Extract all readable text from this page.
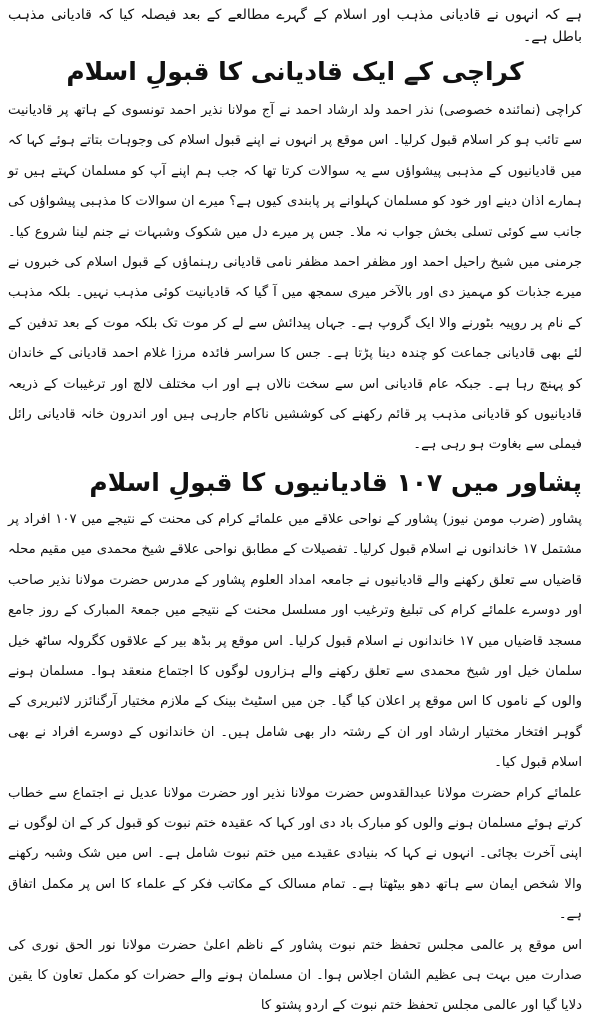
ہے کہ انہوں نے قادیانی مذہب اور اسلام کے گہرے مطالعے کے بعد فیصلہ کیا کہ قادیانی مذہب باطل ہے۔

کراچی کے ایک قادیانی کا قبولِ اسلام

کراچی (نمائندہ خصوصی) نذر احمد ولد ارشاد احمد نے آج مولانا نذیر احمد تونسوی کے ہاتھ پر قادیانیت سے تائب ہو کر اسلام قبول کرلیا۔ اس موقع پر انہوں نے اپنے قبول اسلام کی وجوہات بتاتے ہوئے کہا کہ میں قادیانیوں کے مذہبی پیشواؤں سے یہ سوالات کرتا تھا کہ جب ہم اپنے آپ کو مسلمان کہتے ہیں تو ہمارے اذان دینے اور خود کو مسلمان کہلوانے پر پابندی کیوں ہے؟ میرے ان سوالات کا مذہبی پیشواؤں کی جانب سے کوئی تسلی بخش جواب نہ ملا۔ جس پر میرے دل میں شکوک وشبہات نے جنم لینا شروع کیا۔ جرمنی میں شیخ راحیل احمد اور مظفر احمد مظفر نامی قادیانی رہنماؤں کے قبول اسلام کی خبروں نے میرے جذبات کو مہمیز دی اور بالآخر میری سمجھ میں آ گیا کہ قادیانیت کوئی مذہب نہیں۔ بلکہ مذہب کے نام پر روپیہ بٹورنے والا ایک گروپ ہے۔ جہاں پیدائش سے لے کر موت تک بلکہ موت کے بعد تدفین کے لئے بھی قادیانی جماعت کو چندہ دینا پڑتا ہے۔ جس کا سراسر فائدہ مرزا غلام احمد قادیانی کے خاندان کو پہنچ رہا ہے۔ جبکہ عام قادیانی اس سے سخت نالاں ہے اور اب مختلف لالچ اور ترغیبات کے ذریعہ قادیانیوں کو قادیانی مذہب پر قائم رکھنے کی کوششیں ناکام جارہی ہیں اور اندرون خانہ قادیانی رائل فیملی سے بغاوت ہو رہی ہے۔

پشاور میں ۱۰۷ قادیانیوں کا قبولِ اسلام

پشاور (ضرب مومن نیوز) پشاور کے نواحی علاقے میں علمائے کرام کی محنت کے نتیجے میں ۱۰۷ افراد پر مشتمل ۱۷ خاندانوں نے اسلام قبول کرلیا۔ تفصیلات کے مطابق نواحی علاقے شیخ محمدی میں مقیم محلہ قاضیاں سے تعلق رکھنے والے قادیانیوں نے جامعہ امداد العلوم پشاور کے مدرس حضرت مولانا نذیر صاحب اور دوسرے علمائے کرام کی تبلیغ وترغیب اور مسلسل محنت کے نتیجے میں جمعۃ المبارک کے روز جامع مسجد قاضیاں میں ۱۷ خاندانوں نے اسلام قبول کرلیا۔ اس موقع پر بڈھ بیر کے علاقوں کگرولہ ساٹھ خیل سلمان خیل اور شیخ محمدی سے تعلق رکھنے والے ہزاروں لوگوں کا اجتماع منعقد ہوا۔ مسلمان ہونے والوں کے ناموں کا اس موقع پر اعلان کیا گیا۔ جن میں اسٹیٹ بینک کے ملازم مختیار آرگنائزر لائبریری کے گوہر افتخار مختیار ارشاد اور ان کے رشتہ دار بھی شامل ہیں۔ ان خاندانوں کے دوسرے افراد نے بھی اسلام قبول کیا۔

علمائے کرام حضرت مولانا عبدالقدوس حضرت مولانا نذیر اور حضرت مولانا عدیل نے اجتماع سے خطاب کرتے ہوئے مسلمان ہونے والوں کو مبارک باد دی اور کہا کہ عقیدہ ختم نبوت کو قبول کر کے ان لوگوں نے اپنی آخرت بچائی۔ انہوں نے کہا کہ بنیادی عقیدے میں ختم نبوت شامل ہے۔ اس میں شک وشبہ رکھنے والا شخص ایمان سے ہاتھ دھو بیٹھتا ہے۔ تمام مسالک کے مکاتب فکر کے علماء کا اس پر مکمل اتفاق ہے۔

اس موقع پر عالمی مجلس تحفظ ختم نبوت پشاور کے ناظم اعلیٰ حضرت مولانا نور الحق نوری کی صدارت میں بہت ہی عظیم الشان اجلاس ہوا۔ ان مسلمان ہونے والے حضرات کو مکمل تعاون کا یقین دلایا گیا اور عالمی مجلس تحفظ ختم نبوت کے اردو پشتو کا
